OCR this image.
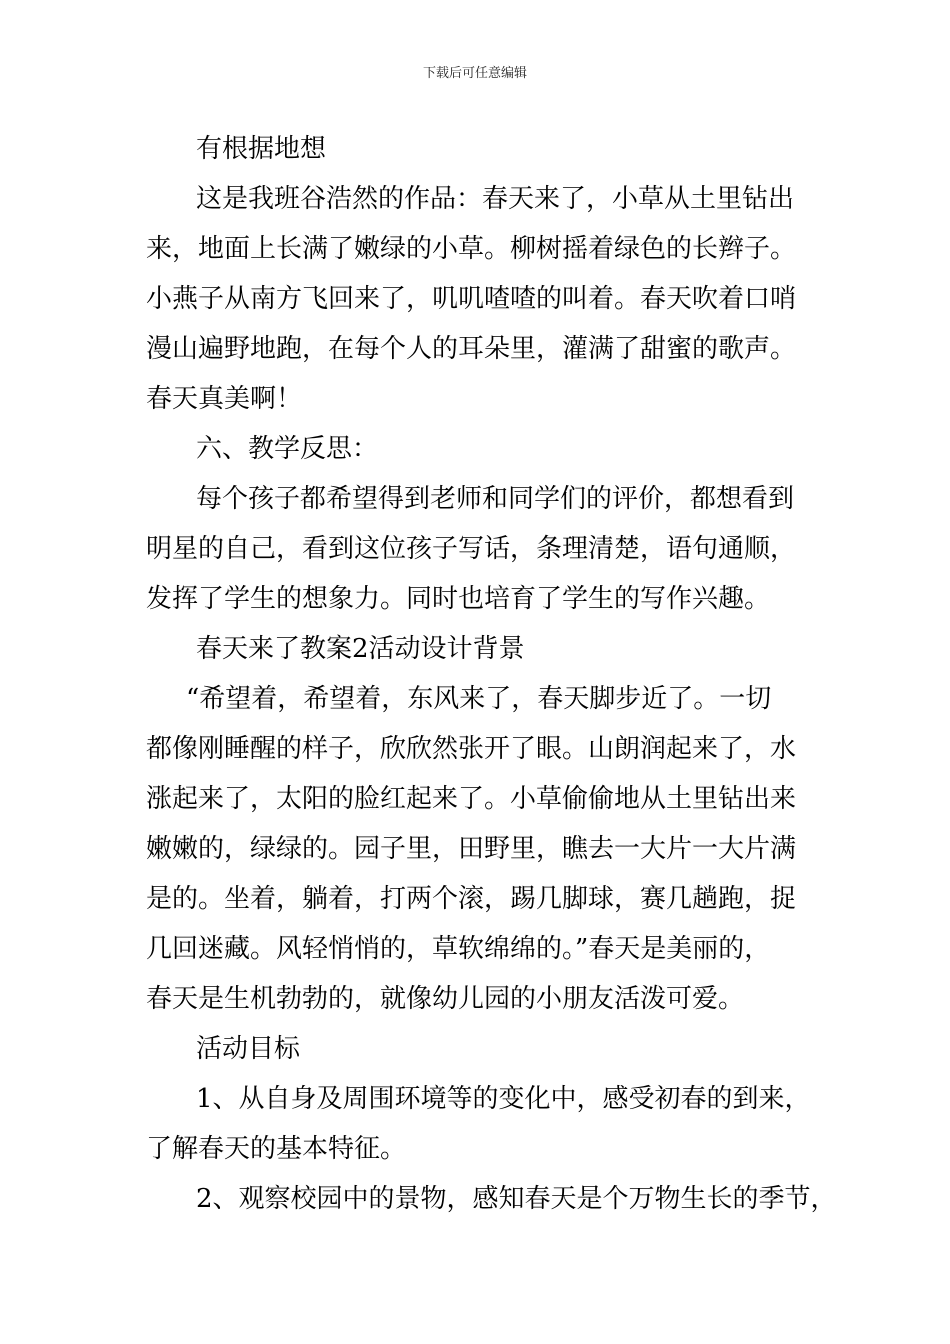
下载后可任意编辑
有根据地想
这是我班谷浩然的作品：春天来了，小草从土里钻出
来，地面上长满了嫩绿的小草。柳树摇着绿色的长辫子。
小燕子从南方飞回来了，叽叽喳喳的叫着。春天吹着口哨
漫山遍野地跑，在每个人的耳朵里，灌满了甜蜜的歌声。
春天真美啊！
六、教学反思：
每个孩子都希望得到老师和同学们的评价，都想看到
明星的自己，看到这位孩子写话，条理清楚，语句通顺，
发挥了学生的想象力。同时也培育了学生的写作兴趣。
春天来了教案2活动设计背景
“希望着，希望着，东风来了，春天脚步近了。一切
都像刚睡醒的样子，欣欣然张开了眼。山朗润起来了，水
涨起来了，太阳的脸红起来了。小草偷偷地从土里钻出来
嫩嫩的，绿绿的。园子里，田野里，瞧去一大片一大片满
是的。坐着，躺着，打两个滚，踢几脚球，赛几趟跑，捉
几回迷藏。风轻悄悄的，草软绵绵的。”春天是美丽的，
春天是生机勃勃的，就像幼儿园的小朋友活泼可爱。
活动目标
1、从自身及周围环境等的变化中，感受初春的到来，
了解春天的基本特征。
2、观察校园中的景物，感知春天是个万物生长的季节，
